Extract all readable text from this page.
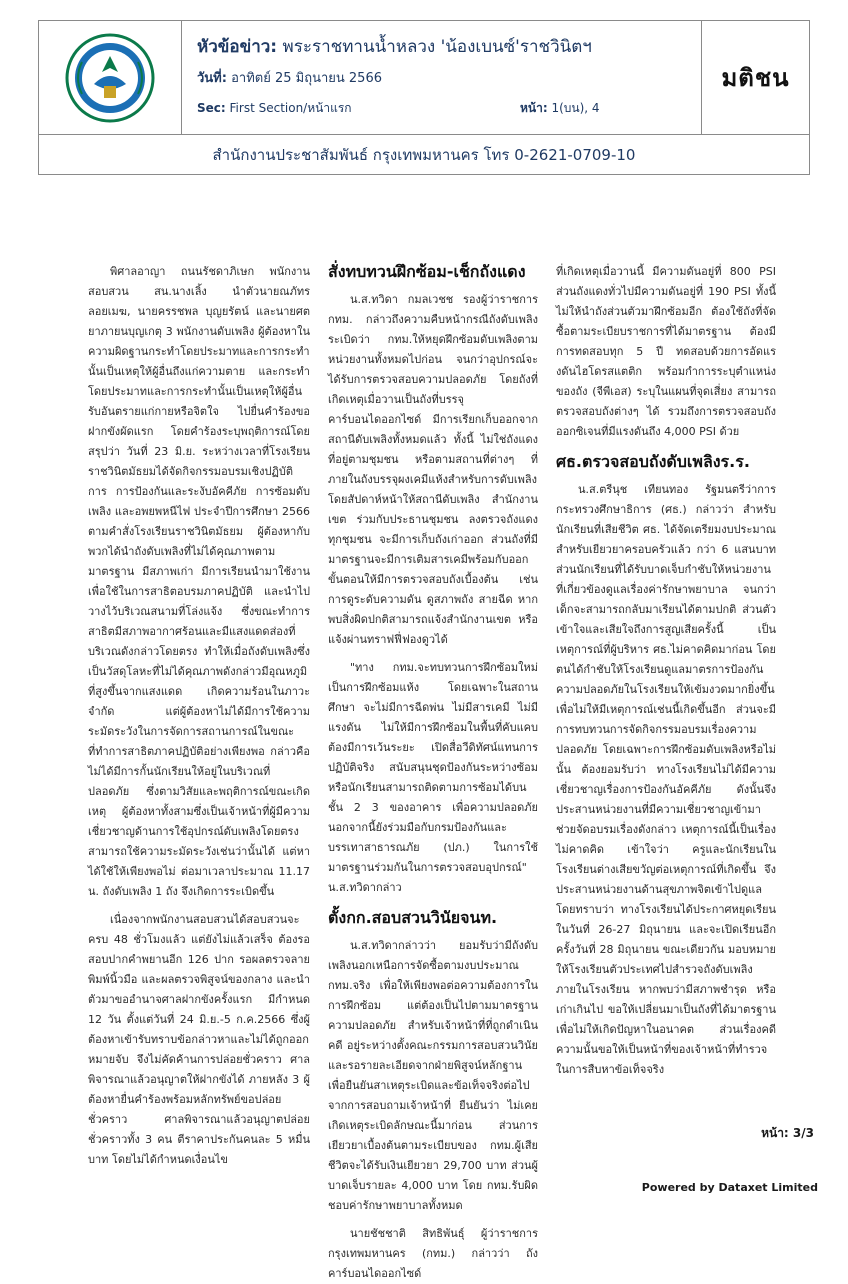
หัวข้อข่าว: พระราชทานน้ำหลวง 'น้องเบนซ์'ราชวินิตฯ
วันที่: อาทิตย์ 25 มิถุนายน 2566
Sec: First Section/หน้าแรก	หน้า: 1(บน), 4
มติชน
สำนักงานประชาสัมพันธ์ กรุงเทพมหานคร โทร 0-2621-0709-10

พิศาลอาญา ถนนรัชดาภิเษก พนักงานสอบสวน สน.นางเลิ้ง นำตัวนายณภัทร ลอยเมฆ, นายครรชพล บุญยรัตน์ และนายศตยาภายนบุญเกตุ 3 พนักงานดับเพลิง ผู้ต้องหาในความผิดฐานกระทำโดยประมาทและการกระทำนั้นเป็นเหตุให้ผู้อื่นถึงแก่ความตาย และกระทำโดยประมาทและการกระทำนั้นเป็นเหตุให้ผู้อื่นรับอันตรายแก่กายหรือจิตใจ ไปยื่นคำร้องขอฝากขังผัดแรก โดยคำร้องระบุพฤติการณ์โดยสรุปว่า วันที่ 23 มิ.ย. ระหว่างเวลาที่โรงเรียนราชวินิตมัธยมได้จัดกิจกรรมอบรมเชิงปฏิบัติการ การป้องกันและระงับอัคคีภัย การซ้อมดับเพลิง และอพยพหนีไฟ ประจำปีการศึกษา 2566 ตามคำสั่งโรงเรียนราชวินิตมัธยม ผู้ต้องหากับพวกได้นำถังดับเพลิงที่ไม่ได้คุณภาพตามมาตรฐาน มีสภาพเก่า มีการเรียนนำมาใช้งาน เพื่อใช้ในการสาธิตอบรมภาคปฏิบัติ และนำไปวางไว้บริเวณสนามที่โล่งแจ้ง ซึ่งขณะทำการสาธิตมีสภาพอากาศร้อนและมีแสงแดดส่องที่บริเวณดังกล่าวโดยตรง ทำให้เมื่อถังดับเพลิงซึ่งเป็นวัสดุโลหะที่ไม่ได้คุณภาพดังกล่าวมีอุณหภูมิที่สูงขึ้นจากแสงแดด เกิดความร้อนในภาวะจำกัด แต่ผู้ต้องหาไม่ได้มีการใช้ความระมัดระวังในการจัดการสถานการณ์ในขณะที่ทำการสาธิตภาคปฏิบัติอย่างเพียงพอ กล่าวคือ ไม่ได้มีการกั้นนักเรียนให้อยู่ในบริเวณที่ปลอดภัย ซึ่งตามวิสัยและพฤติการณ์ขณะเกิดเหตุ ผู้ต้องหาทั้งสามซึ่งเป็นเจ้าหน้าที่ผู้มีความเชี่ยวชาญด้านการใช้อุปกรณ์ดับเพลิงโดยตรง สามารถใช้ความระมัดระวังเช่นว่านั้นได้ แต่หาได้ใช้ให้เพียงพอไม่ ต่อมาเวลาประมาณ 11.17 น. ถังดับเพลิง 1 ถัง จึงเกิดการระเบิดขึ้น

เนื่องจากพนักงานสอบสวนได้สอบสวนจะครบ 48 ชั่วโมงแล้ว แต่ยังไม่แล้วเสร็จ ต้องรอสอบปากคำพยานอีก 126 ปาก รอผลตรวจลายพิมพ์นิ้วมือ และผลตรวจพิสูจน์ของกลาง และนำตัวมาขออำนาจศาลฝากขังครั้งแรก มีกำหนด 12 วัน ตั้งแต่วันที่ 24 มิ.ย.-5 ก.ค.2566 ซึ่งผู้ต้องหาเข้ารับทราบข้อกล่าวหาและไม่ได้ถูกออกหมายจับ จึงไม่คัดค้านการปล่อยชั่วคราว ศาลพิจารณาแล้วอนุญาตให้ฝากขังได้ ภายหลัง 3 ผู้ต้องหายื่นคำร้องพร้อมหลักทรัพย์ขอปล่อยชั่วคราว ศาลพิจารณาแล้วอนุญาตปล่อยชั่วคราวทั้ง 3 คน ตีราคาประกันคนละ 5 หมื่นบาท โดยไม่ได้กำหนดเงื่อนไข

สั่งทบทวนฝึกซ้อม-เช็กถังแดง

น.ส.ทวิดา กมลเวชช รองผู้ว่าราชการ กทม. กล่าวถึงความคืบหน้ากรณีถังดับเพลิงระเบิดว่า กทม.ให้หยุดฝึกซ้อมดับเพลิงตามหน่วยงานทั้งหมดไปก่อน จนกว่าอุปกรณ์จะได้รับการตรวจสอบความปลอดภัย โดยถังที่เกิดเหตุเมื่อวานเป็นถังที่บรรจุคาร์บอนไดออกไซด์ มีการเรียกเก็บออกจากสถานีดับเพลิงทั้งหมดแล้ว ทั้งนี้ ไม่ใช่ถังแดงที่อยู่ตามชุมชน หรือตามสถานที่ต่างๆ ที่ภายในถังบรรจุผงเคมีแห้งสำหรับการดับเพลิง โดยสัปดาห์หน้าให้สถานีดับเพลิง สำนักงานเขต ร่วมกับประธานชุมชน ลงตรวจถังแดงทุกชุมชน จะมีการเก็บถังเก่าออก ส่วนถังที่มีมาตรฐานจะมีการเติมสารเคมีพร้อมกับออกขั้นตอนให้มีการตรวจสอบถังเบื้องต้น เช่น การดูระดับความดัน ดูสภาพถัง สายฉีด หากพบสิ่งผิดปกติสามารถแจ้งสำนักงานเขต หรือแจ้งผ่านทราฟฟี่ฟองดูวได้

"ทาง กทม.จะทบทวนการฝึกซ้อมใหม่ เป็นการฝึกซ้อมแห้ง โดยเฉพาะในสถานศึกษา จะไม่มีการฉีดพ่น ไม่มีสารเคมี ไม่มีแรงดัน ไม่ให้มีการฝึกซ้อมในพื้นที่คับแคบต้องมีการเว้นระยะ เปิดสื่อวีดิทัศน์แทนการปฏิบัติจริง สนับสนุนชุดป้องกันระหว่างซ้อม หรือนักเรียนสามารถติดตามการซ้อมได้บนชั้น 2 3 ของอาคาร เพื่อความปลอดภัย นอกจากนี้ยังร่วมมือกับกรมป้องกันและบรรเทาสาธารณภัย (ปภ.) ในการใช้มาตรฐานร่วมกันในการตรวจสอบอุปกรณ์" น.ส.ทวิดากล่าว

ตั้งกก.สอบสวนวินัยจนท.

น.ส.ทวิดากล่าวว่า ยอมรับว่ามีถังดับเพลิงนอกเหนือการจัดซื้อตามงบประมาณ กทม.จริง เพื่อให้เพียงพอต่อความต้องการในการฝึกซ้อม แต่ต้องเป็นไปตามมาตรฐานความปลอดภัย สำหรับเจ้าหน้าที่ที่ถูกดำเนินคดี อยู่ระหว่างตั้งคณะกรรมการสอบสวนวินัย และรอรายละเอียดจากฝ่ายพิสูจน์หลักฐานเพื่อยืนยันสาเหตุระเบิดและข้อเท็จจริงต่อไป จากการสอบถามเจ้าหน้าที่ ยืนยันว่า ไม่เคยเกิดเหตุระเบิดลักษณะนี้มาก่อน ส่วนการเยียวยาเบื้องต้นตามระเบียบของ กทม.ผู้เสียชีวิตจะได้รับเงินเยียวยา 29,700 บาท ส่วนผู้บาดเจ็บรายละ 4,000 บาท โดย กทม.รับผิดชอบค่ารักษาพยาบาลทั้งหมด

นายชัชชาติ สิทธิพันธุ์ ผู้ว่าราชการกรุงเทพมหานคร (กทม.) กล่าวว่า ถังคาร์บอนไดออกไซด์

ที่เกิดเหตุเมื่อวานนี้ มีความดันอยู่ที่ 800 PSI ส่วนถังแดงทั่วไปมีความดันอยู่ที่ 190 PSI ทั้งนี้ ไม่ให้นำถังส่วนตัวมาฝึกซ้อมอีก ต้องใช้ถังที่จัดซื้อตามระเบียบราชการที่ได้มาตรฐาน ต้องมีการทดสอบทุก 5 ปี ทดสอบด้วยการอัดแรงดันไฮโดรสแตติก พร้อมกำการระบุตำแหน่งของถัง (จีพีเอส) ระบุในแผนที่จุดเสี่ยง สามารถตรวจสอบถังต่างๆ ได้ รวมถึงการตรวจสอบถังออกซิเจนที่มีแรงดันถึง 4,000 PSI ด้วย

ศธ.ตรวจสอบถังดับเพลิงร.ร.

น.ส.ตรีนุช เทียนทอง รัฐมนตรีว่าการกระทรวงศึกษาธิการ (ศธ.) กล่าวว่า สำหรับนักเรียนที่เสียชีวิต ศธ. ได้จัดเตรียมงบประมาณสำหรับเยียวยาครอบครัวแล้ว กว่า 6 แสนบาท ส่วนนักเรียนที่ได้รับบาดเจ็บกำชับให้หน่วยงานที่เกี่ยวข้องดูแลเรื่องค่ารักษาพยาบาล จนกว่าเด็กจะสามารถกลับมาเรียนได้ตามปกติ ส่วนตัวเข้าใจและเสียใจถึงการสูญเสียครั้งนี้ เป็นเหตุการณ์ที่ผู้บริหาร ศธ.ไม่คาดคิดมาก่อน โดยตนได้กำชับให้โรงเรียนดูแลมาตรการป้องกันความปลอดภัยในโรงเรียนให้เข้มงวดมากยิ่งขึ้น เพื่อไม่ให้มีเหตุการณ์เช่นนี้เกิดขึ้นอีก ส่วนจะมีการทบทวนการจัดกิจกรรมอบรมเรื่องความปลอดภัย โดยเฉพาะการฝึกซ้อมดับเพลิงหรือไม่นั้น ต้องยอมรับว่า ทางโรงเรียนไม่ได้มีความเชี่ยวชาญเรื่องการป้องกันอัคคีภัย ดังนั้นจึงประสานหน่วยงานที่มีความเชี่ยวชาญเข้ามาช่วยจัดอบรมเรื่องดังกล่าว เหตุการณ์นี้เป็นเรื่องไม่คาดคิด เข้าใจว่า ครูและนักเรียนในโรงเรียนต่างเสียขวัญต่อเหตุการณ์ที่เกิดขึ้น จึงประสานหน่วยงานด้านสุขภาพจิตเข้าไปดูแล โดยทราบว่า ทางโรงเรียนได้ประกาศหยุดเรียนในวันที่ 26-27 มิถุนายน และจะเปิดเรียนอีกครั้งวันที่ 28 มิถุนายน ขณะเดียวกัน มอบหมายให้โรงเรียนตัวประเทศไปสำรวจถังดับเพลิงภายในโรงเรียน หากพบว่ามีสภาพชำรุด หรือเก่าเกินไป ขอให้เปลี่ยนมาเป็นถังที่ได้มาตรฐาน เพื่อไม่ให้เกิดปัญหาในอนาคต ส่วนเรื่องคดีความนั้นขอให้เป็นหน้าที่ของเจ้าหน้าที่ทำรวจในการสืบหาข้อเท็จจริง

หน้า: 3/3
Powered by Dataxet Limited
